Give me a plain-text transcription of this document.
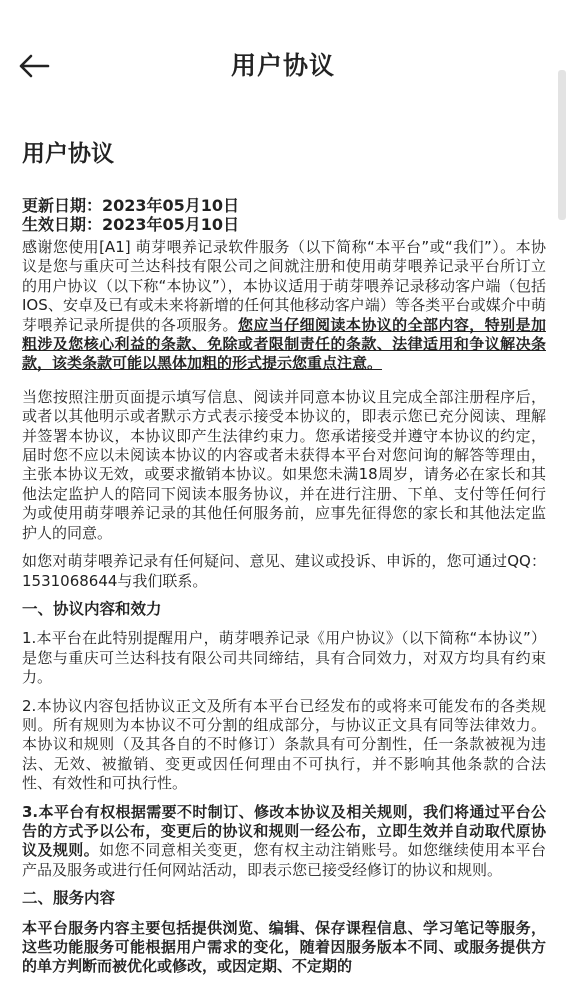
用户协议
用户协议
更新日期：2023年05月10日
生效日期：2023年05月10日

感谢您使用[A1] 萌芽喂养记录软件服务（以下简称“本平台”或“我们”）。本协议是您与重庆可兰达科技有限公司之间就注册和使用萌芽喂养记录平台所订立的用户协议（以下称“本协议”），本协议适用于萌芽喂养记录移动客户端（包括IOS、安卓及已有或未来将新增的任何其他移动客户端）等各类平台或媒介中萌芽喂养记录所提供的各项服务。您应当仔细阅读本协议的全部内容，特别是加粗涉及您核心利益的条款、免除或者限制责任的条款、法律适用和争议解决条款，该类条款可能以黑体加粗的形式提示您重点注意。

当您按照注册页面提示填写信息、阅读并同意本协议且完成全部注册程序后，或者以其他明示或者默示方式表示接受本协议的，即表示您已充分阅读、理解并签署本协议，本协议即产生法律约束力。您承诺接受并遵守本协议的约定，届时您不应以未阅读本协议的内容或者未获得本平台对您问询的解答等理由，主张本协议无效，或要求撤销本协议。如果您未满18周岁，请务必在家长和其他法定监护人的陪同下阅读本服务协议，并在进行注册、下单、支付等任何行为或使用萌芽喂养记录的其他任何服务前，应事先征得您的家长和其他法定监护人的同意。

如您对萌芽喂养记录有任何疑问、意见、建议或投诉、申诉的，您可通过QQ：1531068644与我们联系。

一、协议内容和效力

1.本平台在此特别提醒用户，萌芽喂养记录《用户协议》（以下简称“本协议”）是您与重庆可兰达科技有限公司共同缔结，具有合同效力，对双方均具有约束力。

2.本协议内容包括协议正文及所有本平台已经发布的或将来可能发布的各类规则。所有规则为本协议不可分割的组成部分，与协议正文具有同等法律效力。本协议和规则（及其各自的不时修订）条款具有可分割性，任一条款被视为违法、无效、被撤销、变更或因任何理由不可执行，并不影响其他条款的合法性、有效性和可执行性。

3.本平台有权根据需要不时制订、修改本协议及相关规则，我们将通过平台公告的方式予以公布，变更后的协议和规则一经公布，立即生效并自动取代原协议及规则。如您不同意相关变更，您有权主动注销账号。如您继续使用本平台产品及服务或进行任何网站活动，即表示您已接受经修订的协议和规则。

二、服务内容

本平台服务内容主要包括提供浏览、编辑、保存课程信息、学习笔记等服务，这些功能服务可能根据用户需求的变化，随着因服务版本不同、或服务提供方的单方判断而被优化或修改，或因定期、不定期的
